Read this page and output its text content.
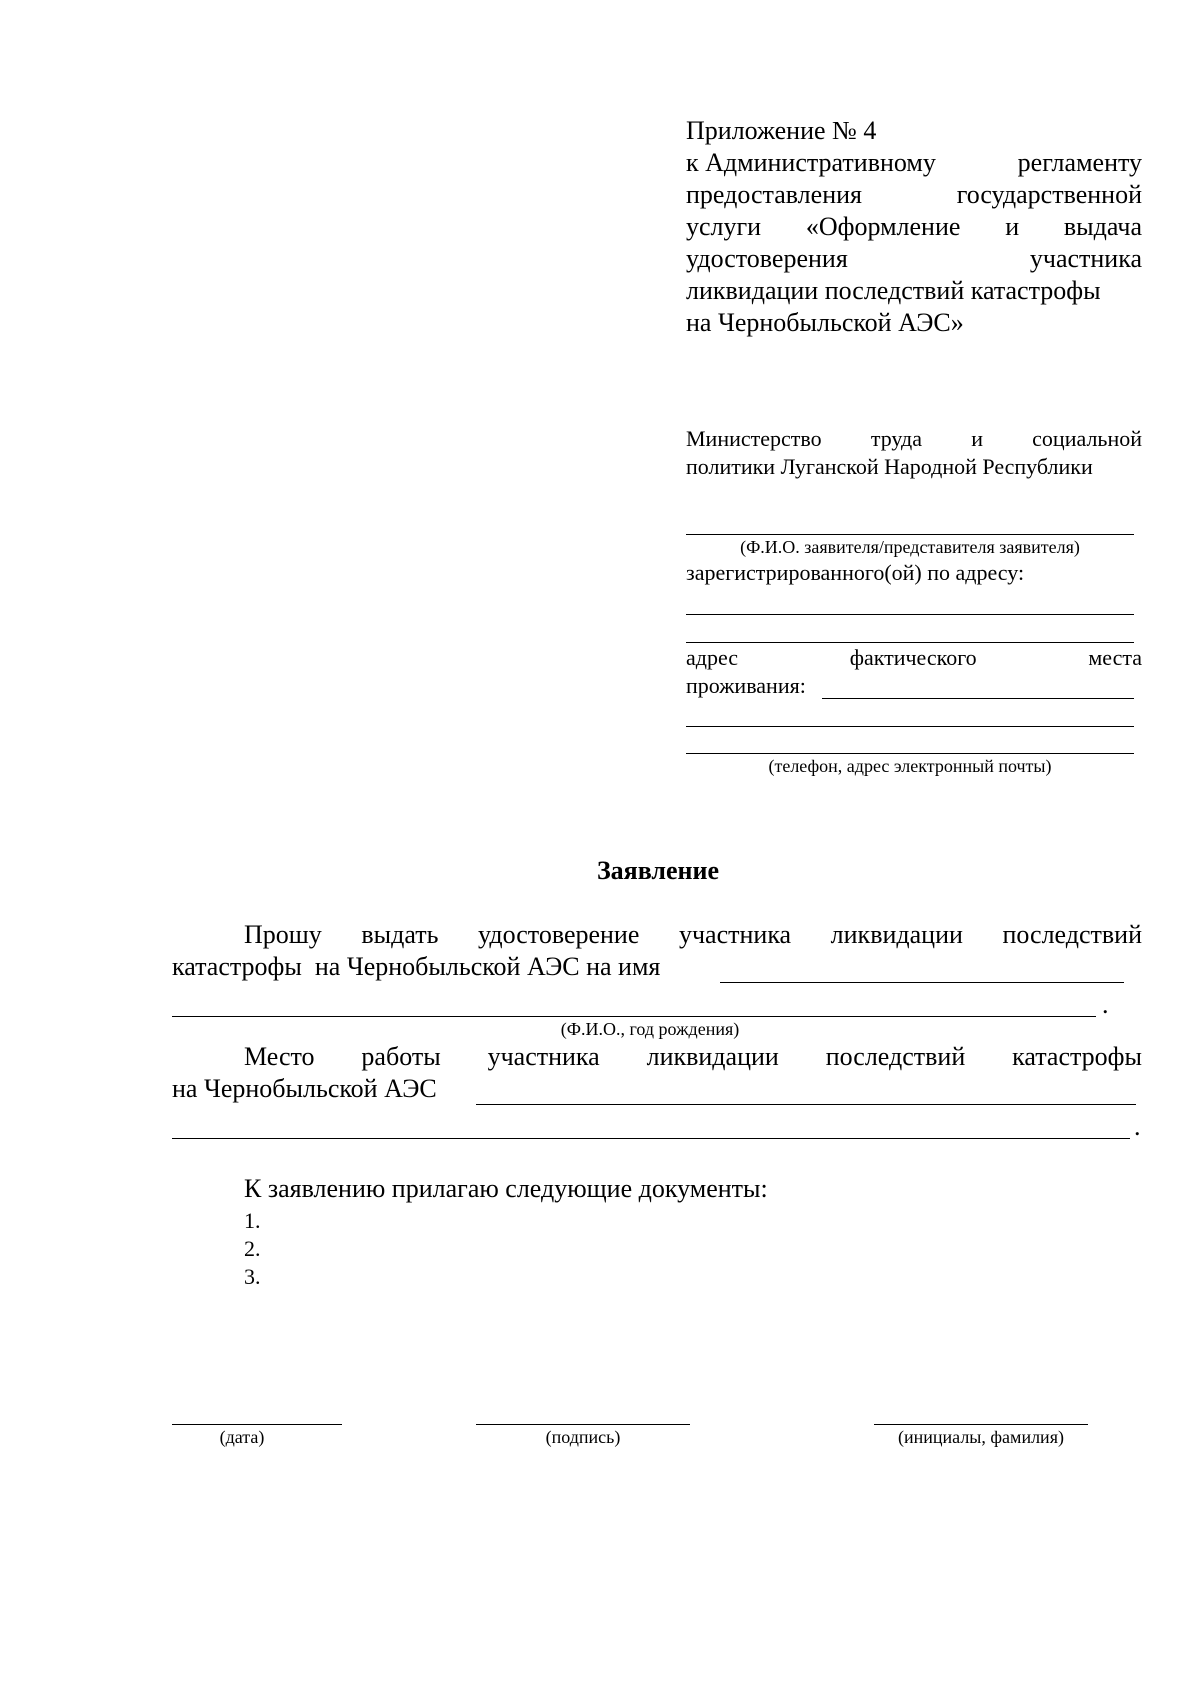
Приложение № 4
к Административному	регламенту
предоставления	государственной
услуги «Оформление и выдача
удостоверения	участника
ликвидации последствий катастрофы
на Чернобыльской АЭС»
Министерство труда и социальной
политики Луганской Народной Республики
(Ф.И.О. заявителя/представителя заявителя)
зарегистрированного(ой) по адресу:
адрес	фактического	места
проживания:
(телефон, адрес электронный почты)
Заявление
Прошу выдать удостоверение участника ликвидации последствий
катастрофы  на Чернобыльской АЭС на имя
.
(Ф.И.О., год рождения)
Место работы участника ликвидации последствий катастрофы
на Чернобыльской АЭС
.
К заявлению прилагаю следующие документы:
1.
2.
3.
(дата)	(подпись)	(инициалы, фамилия)
